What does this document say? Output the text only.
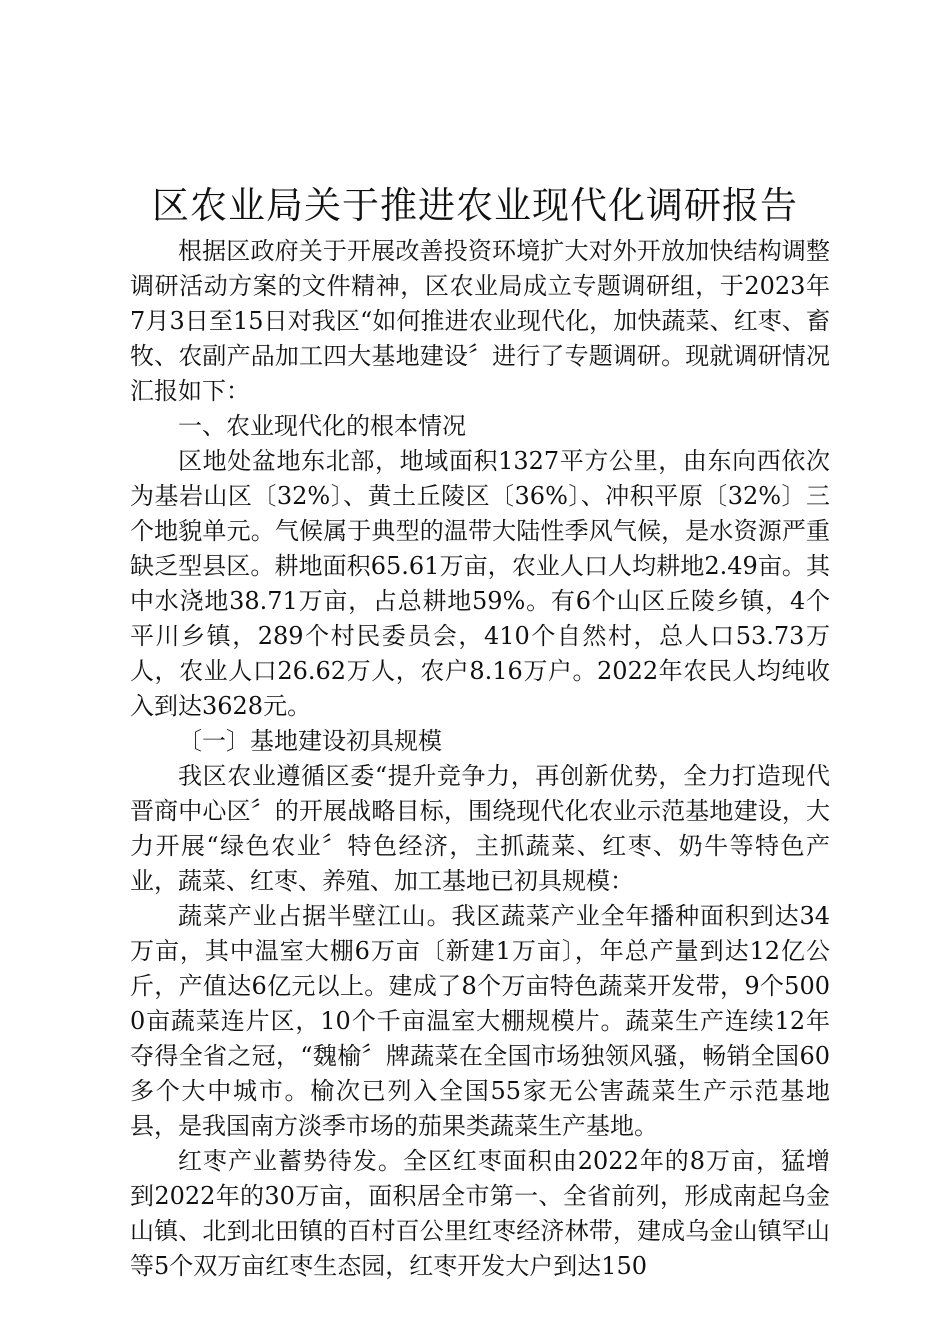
区农业局关于推进农业现代化调研报告

根据区政府关于开展改善投资环境扩大对外开放加快结构调整调研活动方案的文件精神，区农业局成立专题调研组，于2023年7月3日至15日对我区“如何推进农业现代化，加快蔬菜、红枣、畜牧、农副产品加工四大基地建设〞进行了专题调研。现就调研情况汇报如下：

一、农业现代化的根本情况

区地处盆地东北部，地域面积1327平方公里，由东向西依次为基岩山区〔32%〕、黄土丘陵区〔36%〕、冲积平原〔32%〕三个地貌单元。气候属于典型的温带大陆性季风气候，是水资源严重缺乏型县区。耕地面积65.61万亩，农业人口人均耕地2.49亩。其中水浇地38.71万亩，占总耕地59%。有6个山区丘陵乡镇，4个平川乡镇，289个村民委员会，410个自然村，总人口53.73万人，农业人口26.62万人，农户8.16万户。2022年农民人均纯收入到达3628元。

〔一〕基地建设初具规模

我区农业遵循区委“提升竞争力，再创新优势，全力打造现代晋商中心区〞的开展战略目标，围绕现代化农业示范基地建设，大力开展“绿色农业〞特色经济，主抓蔬菜、红枣、奶牛等特色产业，蔬菜、红枣、养殖、加工基地已初具规模：

蔬菜产业占据半壁江山。我区蔬菜产业全年播种面积到达34万亩，其中温室大棚6万亩〔新建1万亩〕，年总产量到达12亿公斤，产值达6亿元以上。建成了8个万亩特色蔬菜开发带，9个5000亩蔬菜连片区，10个千亩温室大棚规模片。蔬菜生产连续12年夺得全省之冠，“魏榆〞牌蔬菜在全国市场独领风骚，畅销全国60多个大中城市。榆次已列入全国55家无公害蔬菜生产示范基地县，是我国南方淡季市场的茄果类蔬菜生产基地。

红枣产业蓄势待发。全区红枣面积由2022年的8万亩，猛增到2022年的30万亩，面积居全市第一、全省前列，形成南起乌金山镇、北到北田镇的百村百公里红枣经济林带，建成乌金山镇罕山等5个双万亩红枣生态园，红枣开发大户到达150
